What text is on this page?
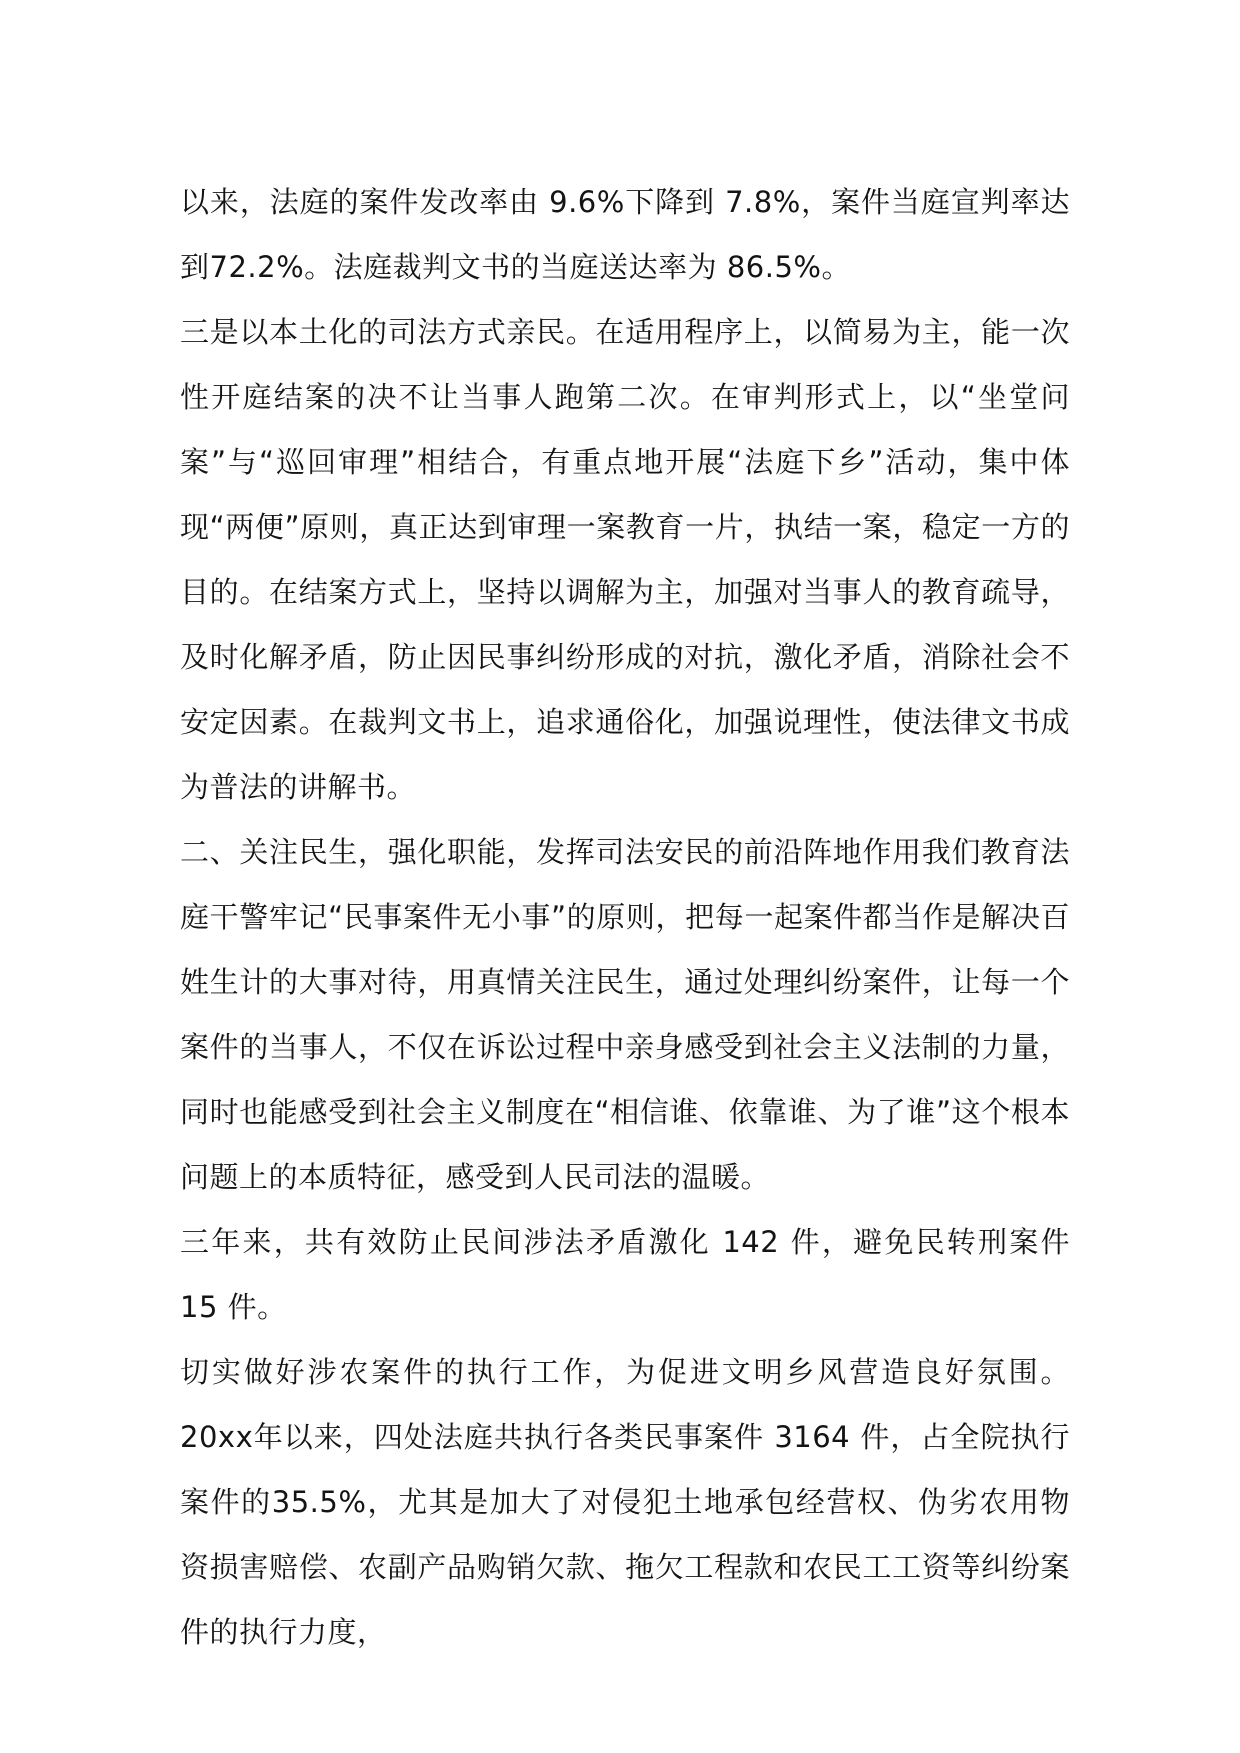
以来，法庭的案件发改率由 9.6%下降到 7.8%，案件当庭宣判率达到72.2%。法庭裁判文书的当庭送达率为 86.5%。

三是以本土化的司法方式亲民。在适用程序上，以简易为主，能一次性开庭结案的决不让当事人跑第二次。在审判形式上，以“坐堂问案”与“巡回审理”相结合，有重点地开展“法庭下乡”活动，集中体现“两便”原则，真正达到审理一案教育一片，执结一案，稳定一方的目的。在结案方式上，坚持以调解为主，加强对当事人的教育疏导，及时化解矛盾，防止因民事纠纷形成的对抗，激化矛盾，消除社会不安定因素。在裁判文书上，追求通俗化，加强说理性，使法律文书成为普法的讲解书。

二、关注民生，强化职能，发挥司法安民的前沿阵地作用我们教育法庭干警牢记“民事案件无小事”的原则，把每一起案件都当作是解决百姓生计的大事对待，用真情关注民生，通过处理纠纷案件，让每一个案件的当事人，不仅在诉讼过程中亲身感受到社会主义法制的力量，同时也能感受到社会主义制度在“相信谁、依靠谁、为了谁”这个根本问题上的本质特征，感受到人民司法的温暖。

三年来，共有效防止民间涉法矛盾激化 142 件，避免民转刑案件 15 件。

切实做好涉农案件的执行工作，为促进文明乡风营造良好氛围。20xx年以来，四处法庭共执行各类民事案件 3164 件，占全院执行案件的35.5%，尤其是加大了对侵犯土地承包经营权、伪劣农用物资损害赔偿、农副产品购销欠款、拖欠工程款和农民工工资等纠纷案件的执行力度，
